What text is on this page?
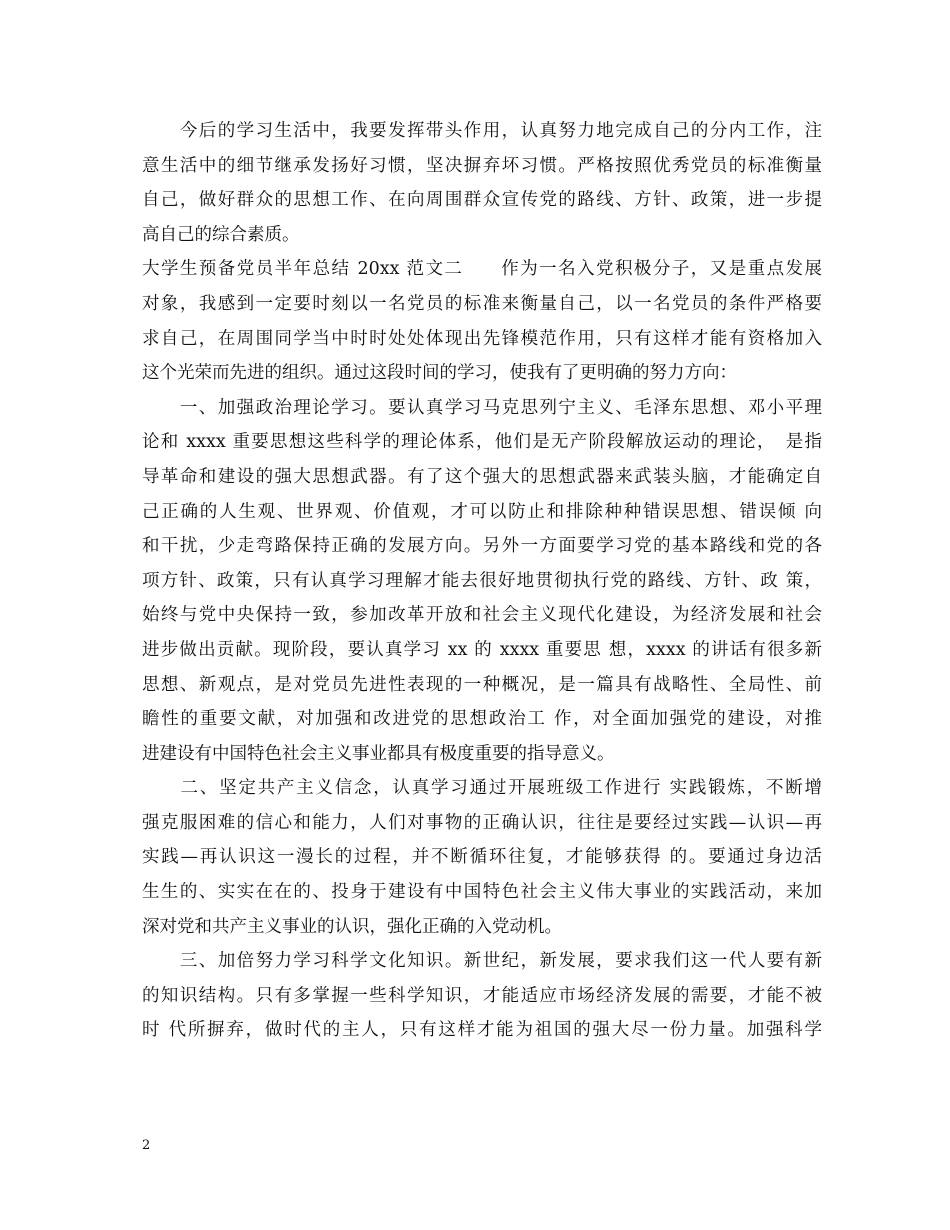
　　今后的学习生活中，我要发挥带头作用，认真努力地完成自己的分内工作，注
意生活中的细节继承发扬好习惯，坚决摒弃坏习惯。严格按照优秀党员的标准衡量
自己，做好群众的思想工作、在向周围群众宣传党的路线、方针、政策，进一步提
高自己的综合素质。
大学生预备党员半年总结 20xx 范文二　　作为一名入党积极分子，又是重点发展
对象，我感到一定要时刻以一名党员的标准来衡量自己，以一名党员的条件严格要
求自己，在周围同学当中时时处处体现出先锋模范作用，只有这样才能有资格加入
这个光荣而先进的组织。通过这段时间的学习，使我有了更明确的努力方向：
　　一、加强政治理论学习。要认真学习马克思列宁主义、毛泽东思想、邓小平理
论和 xxxx 重要思想这些科学的理论体系，他们是无产阶段解放运动的理论，　是指
导革命和建设的强大思想武器。有了这个强大的思想武器来武装头脑，才能确定自
己正确的人生观、世界观、价值观，才可以防止和排除种种错误思想、错误倾 向
和干扰，少走弯路保持正确的发展方向。另外一方面要学习党的基本路线和党的各
项方针、政策，只有认真学习理解才能去很好地贯彻执行党的路线、方针、政 策，
始终与党中央保持一致，参加改革开放和社会主义现代化建设，为经济发展和社会
进步做出贡献。现阶段，要认真学习 xx 的 xxxx 重要思 想，xxxx 的讲话有很多新
思想、新观点，是对党员先进性表现的一种概况，是一篇具有战略性、全局性、前
瞻性的重要文献，对加强和改进党的思想政治工 作，对全面加强党的建设，对推
进建设有中国特色社会主义事业都具有极度重要的指导意义。
　　二、坚定共产主义信念，认真学习通过开展班级工作进行 实践锻炼，不断增
强克服困难的信心和能力，人们对事物的正确认识，往往是要经过实践—认识—再
实践—再认识这一漫长的过程，并不断循环往复，才能够获得 的。要通过身边活
生生的、实实在在的、投身于建设有中国特色社会主义伟大事业的实践活动，来加
深对党和共产主义事业的认识，强化正确的入党动机。
　　三、加倍努力学习科学文化知识。新世纪，新发展，要求我们这一代人要有新
的知识结构。只有多掌握一些科学知识，才能适应市场经济发展的需要，才能不被
时 代所摒弃，做时代的主人，只有这样才能为祖国的强大尽一份力量。加强科学
2
